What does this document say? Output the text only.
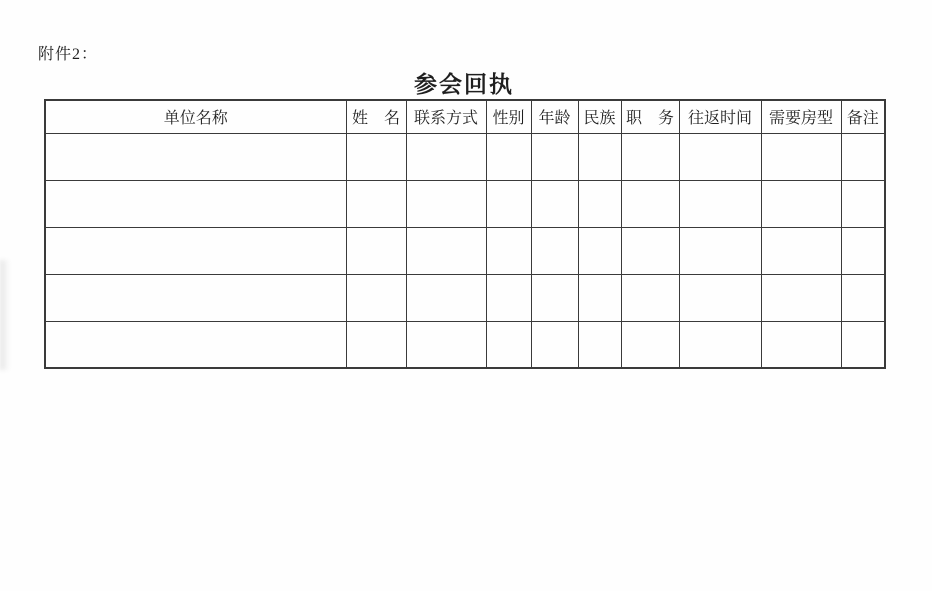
附件2：
参会回执
单位名称	姓　名	联系方式	性别	年龄	民族	职　务	往返时间	需要房型	备注
